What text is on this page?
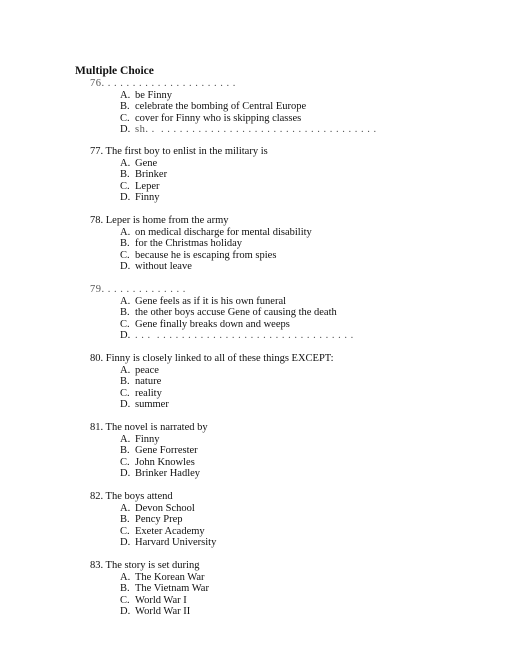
Multiple Choice
76. . . . . . . . . . . . . . . . . . . . . .
A. be Finny
B. celebrate the bombing of Central Europe
C. cover for Finny who is skipping classes
D. sh. .  . . . . . . . . . . . . . . . . . . . . . . . . . . . . . . . . . . .
77. The first boy to enlist in the military is
A. Gene
B. Brinker
C. Leper
D. Finny
78. Leper is home from the army
A. on medical discharge for mental disability
B. for the Christmas holiday
C. because he is escaping from spies
D. without leave
79. . . . . . . . . . . . . .
A. Gene feels as if it is his own funeral
B. the other boys accuse Gene of causing the death
C. Gene finally breaks down and weeps
D. . . .  . . . . . . . . . . . . . . . . . . . . . . . . . . . . . . . .
80. Finny is closely linked to all of these things EXCEPT:
A. peace
B. nature
C. reality
D. summer
81. The novel is narrated by
A. Finny
B. Gene Forrester
C. John Knowles
D. Brinker Hadley
82. The boys attend
A. Devon School
B. Pency Prep
C. Exeter Academy
D. Harvard University
83. The story is set during
A. The Korean War
B. The Vietnam War
C. World War I
D. World War II
